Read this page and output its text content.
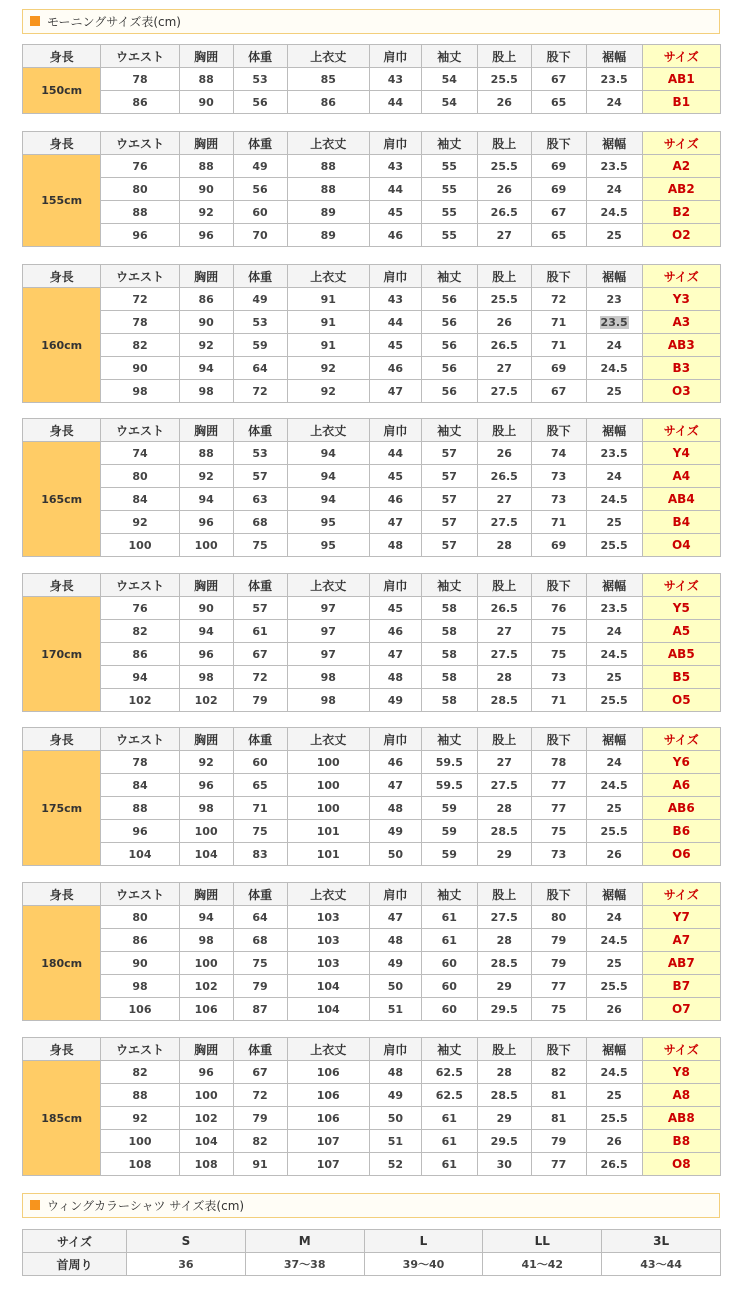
モーニングサイズ表(cm)
身長	ウエスト	胸囲	体重	上衣丈	肩巾	袖丈	股上	股下	裾幅	サイズ
150cm	78	88	53	85	43	54	25.5	67	23.5	AB1
	86	90	56	86	44	54	26	65	24	B1
身長	ウエスト	胸囲	体重	上衣丈	肩巾	袖丈	股上	股下	裾幅	サイズ
155cm	76	88	49	88	43	55	25.5	69	23.5	A2
	80	90	56	88	44	55	26	69	24	AB2
	88	92	60	89	45	55	26.5	67	24.5	B2
	96	96	70	89	46	55	27	65	25	O2
身長	ウエスト	胸囲	体重	上衣丈	肩巾	袖丈	股上	股下	裾幅	サイズ
160cm	72	86	49	91	43	56	25.5	72	23	Y3
	78	90	53	91	44	56	26	71	23.5	A3
	82	92	59	91	45	56	26.5	71	24	AB3
	90	94	64	92	46	56	27	69	24.5	B3
	98	98	72	92	47	56	27.5	67	25	O3
身長	ウエスト	胸囲	体重	上衣丈	肩巾	袖丈	股上	股下	裾幅	サイズ
165cm	74	88	53	94	44	57	26	74	23.5	Y4
	80	92	57	94	45	57	26.5	73	24	A4
	84	94	63	94	46	57	27	73	24.5	AB4
	92	96	68	95	47	57	27.5	71	25	B4
	100	100	75	95	48	57	28	69	25.5	O4
身長	ウエスト	胸囲	体重	上衣丈	肩巾	袖丈	股上	股下	裾幅	サイズ
170cm	76	90	57	97	45	58	26.5	76	23.5	Y5
	82	94	61	97	46	58	27	75	24	A5
	86	96	67	97	47	58	27.5	75	24.5	AB5
	94	98	72	98	48	58	28	73	25	B5
	102	102	79	98	49	58	28.5	71	25.5	O5
身長	ウエスト	胸囲	体重	上衣丈	肩巾	袖丈	股上	股下	裾幅	サイズ
175cm	78	92	60	100	46	59.5	27	78	24	Y6
	84	96	65	100	47	59.5	27.5	77	24.5	A6
	88	98	71	100	48	59	28	77	25	AB6
	96	100	75	101	49	59	28.5	75	25.5	B6
	104	104	83	101	50	59	29	73	26	O6
身長	ウエスト	胸囲	体重	上衣丈	肩巾	袖丈	股上	股下	裾幅	サイズ
180cm	80	94	64	103	47	61	27.5	80	24	Y7
	86	98	68	103	48	61	28	79	24.5	A7
	90	100	75	103	49	60	28.5	79	25	AB7
	98	102	79	104	50	60	29	77	25.5	B7
	106	106	87	104	51	60	29.5	75	26	O7
身長	ウエスト	胸囲	体重	上衣丈	肩巾	袖丈	股上	股下	裾幅	サイズ
185cm	82	96	67	106	48	62.5	28	82	24.5	Y8
	88	100	72	106	49	62.5	28.5	81	25	A8
	92	102	79	106	50	61	29	81	25.5	AB8
	100	104	82	107	51	61	29.5	79	26	B8
	108	108	91	107	52	61	30	77	26.5	O8
ウィングカラーシャツ サイズ表(cm)
サイズ	S	M	L	LL	3L
首周り	36	37～38	39～40	41～42	43～44
